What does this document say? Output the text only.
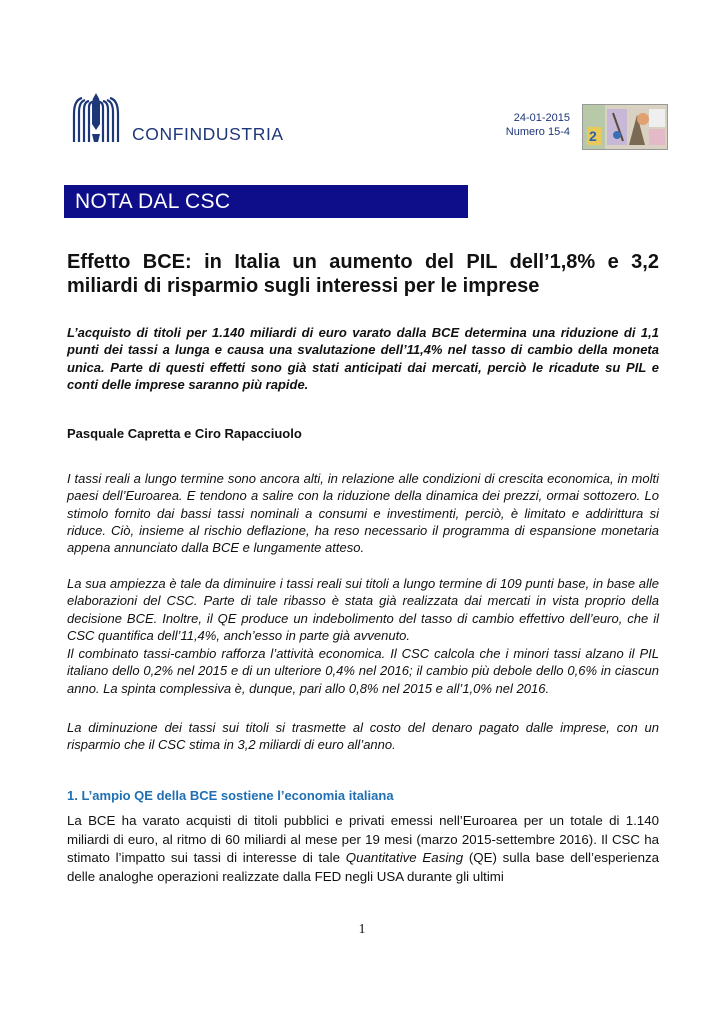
CONFINDUSTRIA
24-01-2015
Numero 15-4 2
NOTA DAL CSC
Effetto BCE: in Italia un aumento del PIL dell’1,8% e 3,2 miliardi di risparmio sugli interessi per le imprese
L’acquisto di titoli per 1.140 miliardi di euro varato dalla BCE determina una riduzione di 1,1 punti dei tassi a lunga e causa una svalutazione dell’11,4% nel tasso di cambio della moneta unica. Parte di questi effetti sono già stati anticipati dai mercati, perciò le ricadute su PIL e conti delle imprese saranno più rapide.
Pasquale Capretta e Ciro Rapacciuolo

I tassi reali a lungo termine sono ancora alti, in relazione alle condizioni di crescita economica, in molti paesi dell’Euroarea. E tendono a salire con la riduzione della dinamica dei prezzi, ormai sottozero. Lo stimolo fornito dai bassi tassi nominali a consumi e investimenti, perciò, è limitato e addirittura si riduce. Ciò, insieme al rischio deflazione, ha reso necessario il programma di espansione monetaria appena annunciato dalla BCE e lungamente atteso.

La sua ampiezza è tale da diminuire i tassi reali sui titoli a lungo termine di 109 punti base, in base alle elaborazioni del CSC. Parte di tale ribasso è stata già realizzata dai mercati in vista proprio della decisione BCE. Inoltre, il QE produce un indebolimento del tasso di cambio effettivo dell’euro, che il CSC quantifica dell’11,4%, anch’esso in parte già avvenuto.

Il combinato tassi-cambio rafforza l’attività economica. Il CSC calcola che i minori tassi alzano il PIL italiano dello 0,2% nel 2015 e di un ulteriore 0,4% nel 2016; il cambio più debole dello 0,6% in ciascun anno. La spinta complessiva è, dunque, pari allo 0,8% nel 2015 e all’1,0% nel 2016.

La diminuzione dei tassi sui titoli si trasmette al costo del denaro pagato dalle imprese, con un risparmio che il CSC stima in 3,2 miliardi di euro all’anno.

1. L’ampio QE della BCE sostiene l’economia italiana

La BCE ha varato acquisti di titoli pubblici e privati emessi nell’Euroarea per un totale di 1.140 miliardi di euro, al ritmo di 60 miliardi al mese per 19 mesi (marzo 2015-settembre 2016). Il CSC ha stimato l’impatto sui tassi di interesse di tale Quantitative Easing (QE) sulla base dell’esperienza delle analoghe operazioni realizzate dalla FED negli USA durante gli ultimi

1
